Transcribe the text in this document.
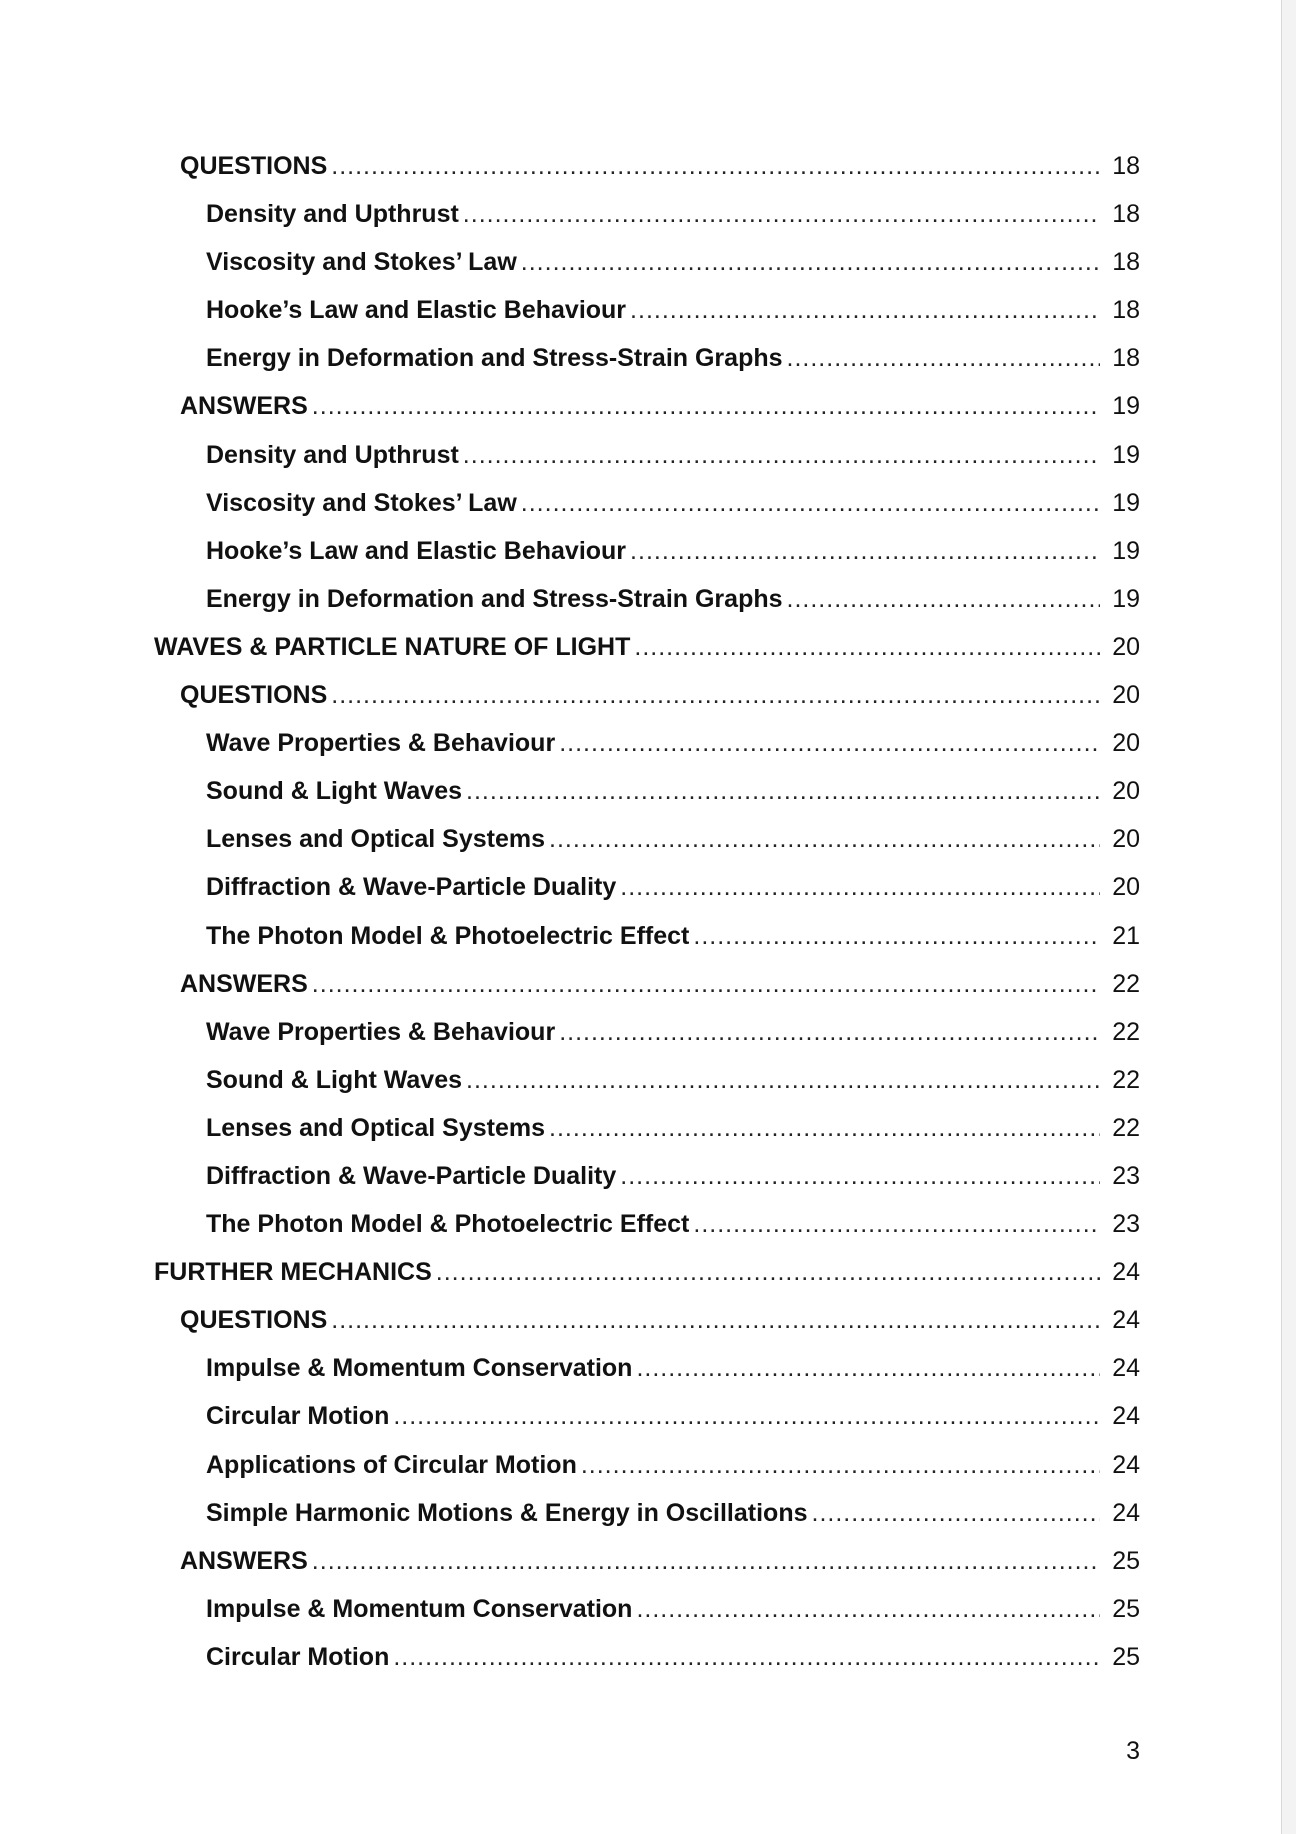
QUESTIONS .....	18
Density and Upthrust .....	18
Viscosity and Stokes’ Law .....	18
Hooke’s Law and Elastic Behaviour .....	18
Energy in Deformation and Stress-Strain Graphs .....	18
ANSWERS .....	19
Density and Upthrust .....	19
Viscosity and Stokes’ Law .....	19
Hooke’s Law and Elastic Behaviour .....	19
Energy in Deformation and Stress-Strain Graphs .....	19
WAVES & PARTICLE NATURE OF LIGHT .....	20
QUESTIONS .....	20
Wave Properties & Behaviour .....	20
Sound & Light Waves .....	20
Lenses and Optical Systems .....	20
Diffraction & Wave-Particle Duality .....	20
The Photon Model & Photoelectric Effect .....	21
ANSWERS .....	22
Wave Properties & Behaviour .....	22
Sound & Light Waves .....	22
Lenses and Optical Systems .....	22
Diffraction & Wave-Particle Duality .....	23
The Photon Model & Photoelectric Effect .....	23
FURTHER MECHANICS .....	24
QUESTIONS .....	24
Impulse & Momentum Conservation .....	24
Circular Motion .....	24
Applications of Circular Motion .....	24
Simple Harmonic Motions & Energy in Oscillations .....	24
ANSWERS .....	25
Impulse & Momentum Conservation .....	25
Circular Motion .....	25
3
